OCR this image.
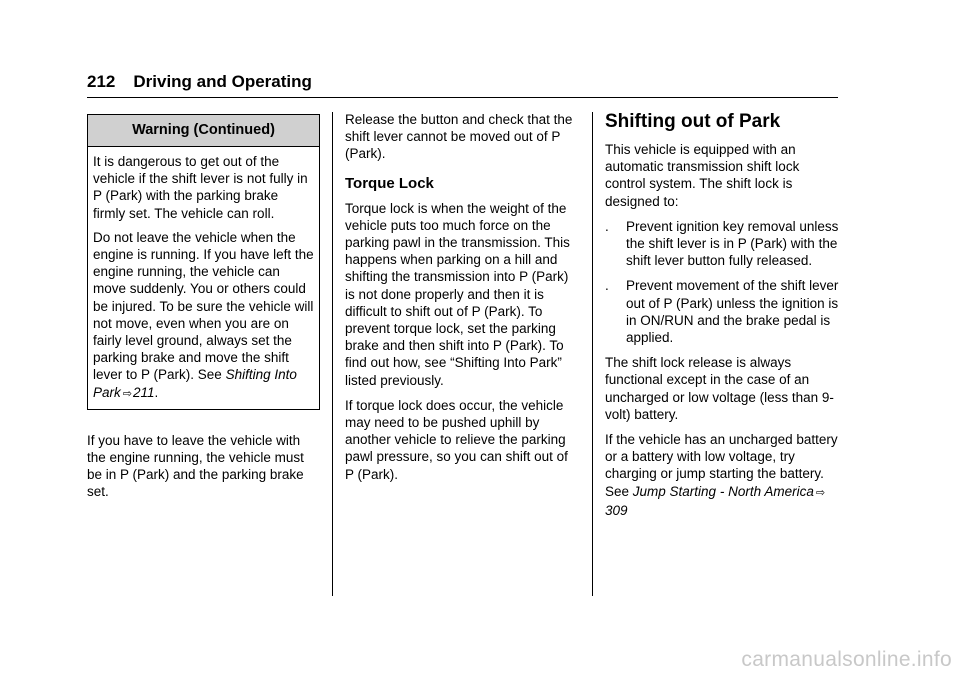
212 Driving and Operating
Warning (Continued)

It is dangerous to get out of the vehicle if the shift lever is not fully in P (Park) with the parking brake firmly set. The vehicle can roll.

Do not leave the vehicle when the engine is running. If you have left the engine running, the vehicle can move suddenly. You or others could be injured. To be sure the vehicle will not move, even when you are on fairly level ground, always set the parking brake and move the shift lever to P (Park). See Shifting Into Park ⇨211.

If you have to leave the vehicle with the engine running, the vehicle must be in P (Park) and the parking brake set.

Release the button and check that the shift lever cannot be moved out of P (Park).

Torque Lock

Torque lock is when the weight of the vehicle puts too much force on the parking pawl in the transmission. This happens when parking on a hill and shifting the transmission into P (Park) is not done properly and then it is difficult to shift out of P (Park). To prevent torque lock, set the parking brake and then shift into P (Park). To find out how, see “Shifting Into Park” listed previously.

If torque lock does occur, the vehicle may need to be pushed uphill by another vehicle to relieve the parking pawl pressure, so you can shift out of P (Park).

Shifting out of Park

This vehicle is equipped with an automatic transmission shift lock control system. The shift lock is designed to:

. Prevent ignition key removal unless the shift lever is in P (Park) with the shift lever button fully released.
. Prevent movement of the shift lever out of P (Park) unless the ignition is in ON/RUN and the brake pedal is applied.

The shift lock release is always functional except in the case of an uncharged or low voltage (less than 9-volt) battery.

If the vehicle has an uncharged battery or a battery with low voltage, try charging or jump starting the battery. See Jump Starting - North America ⇨309

carmanualsonline.info
